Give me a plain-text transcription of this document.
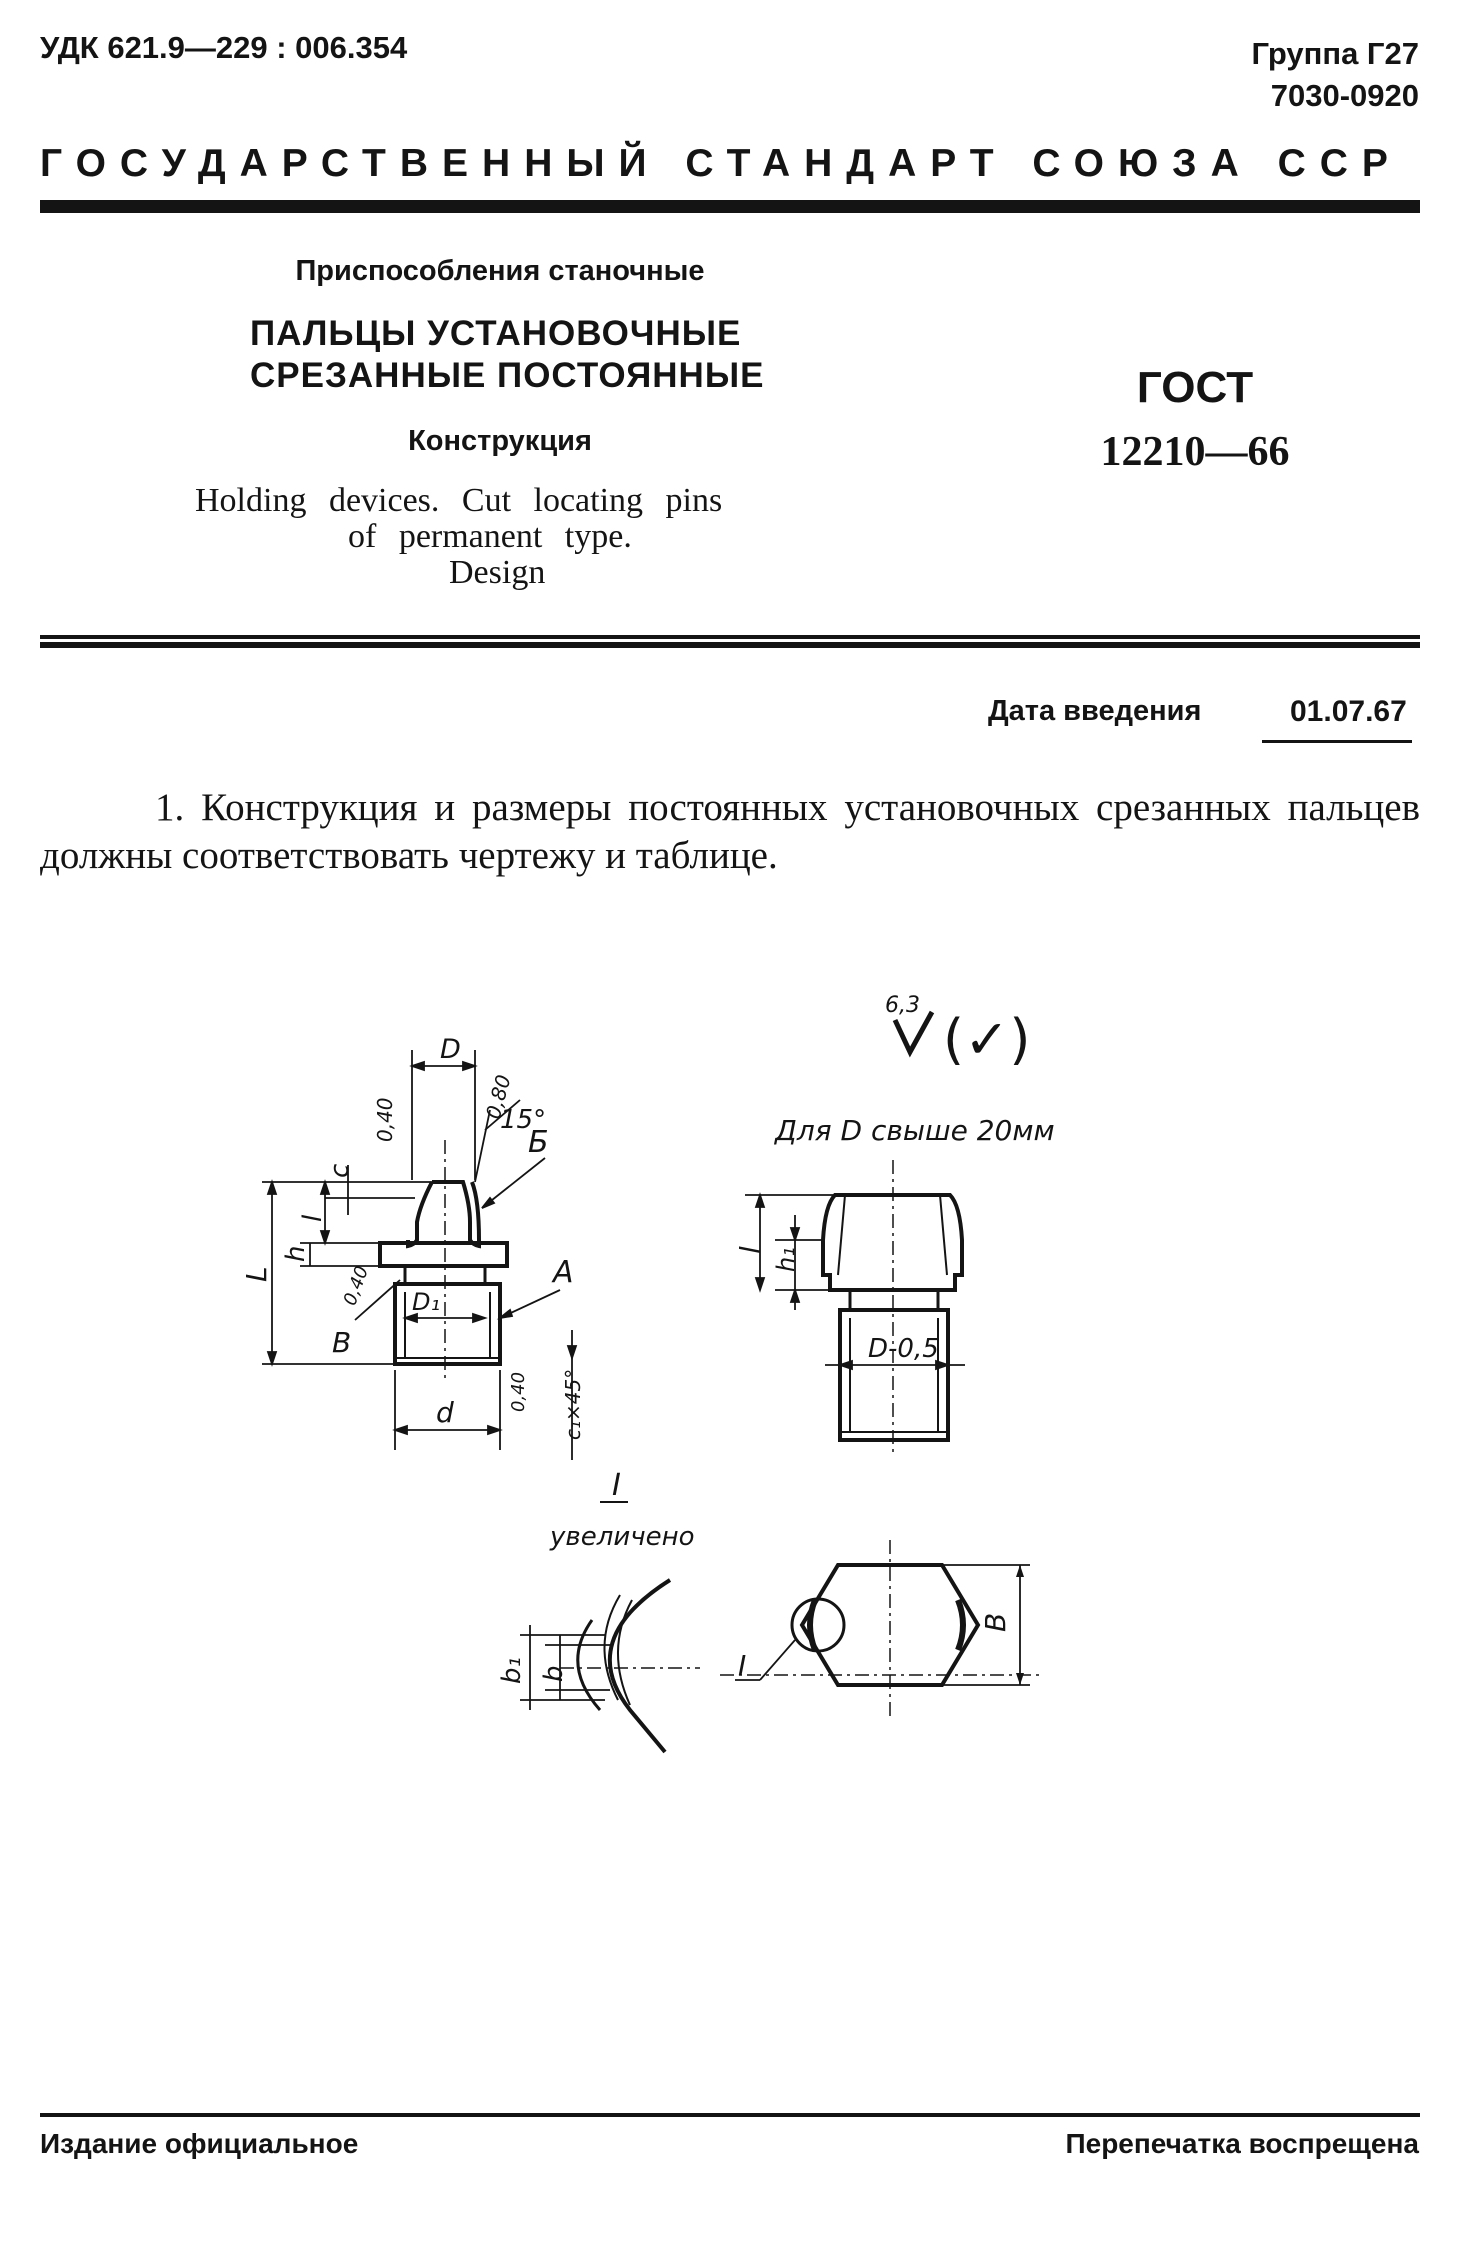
УДК 621.9—229 : 006.354	Группа Г27
7030-0920
ГОСУДАРСТВЕННЫЙ СТАНДАРТ СОЮЗА ССР
Приспособления станочные
ПАЛЬЦЫ УСТАНОВОЧНЫЕ
СРЕЗАННЫЕ ПОСТОЯННЫЕ
Конструкция
Holding devices. Cut locating pins
of permanent type.
Design
ГОСТ
12210—66
Дата введения	01.07.67
1. Конструкция и размеры постоянных установочных срезанных пальцев должны соответствовать чертежу и таблице.
6,3
(✓)
Для D свыше 20мм
D
0,40	0,80
15°
Б
c
l
h
L	0,40
В
D₁
А
d
0,40 c₁×45°
l h₁
D-0,5
I
увеличено
b₁ b
В
I
Издание официальное	Перепечатка воспрещена
